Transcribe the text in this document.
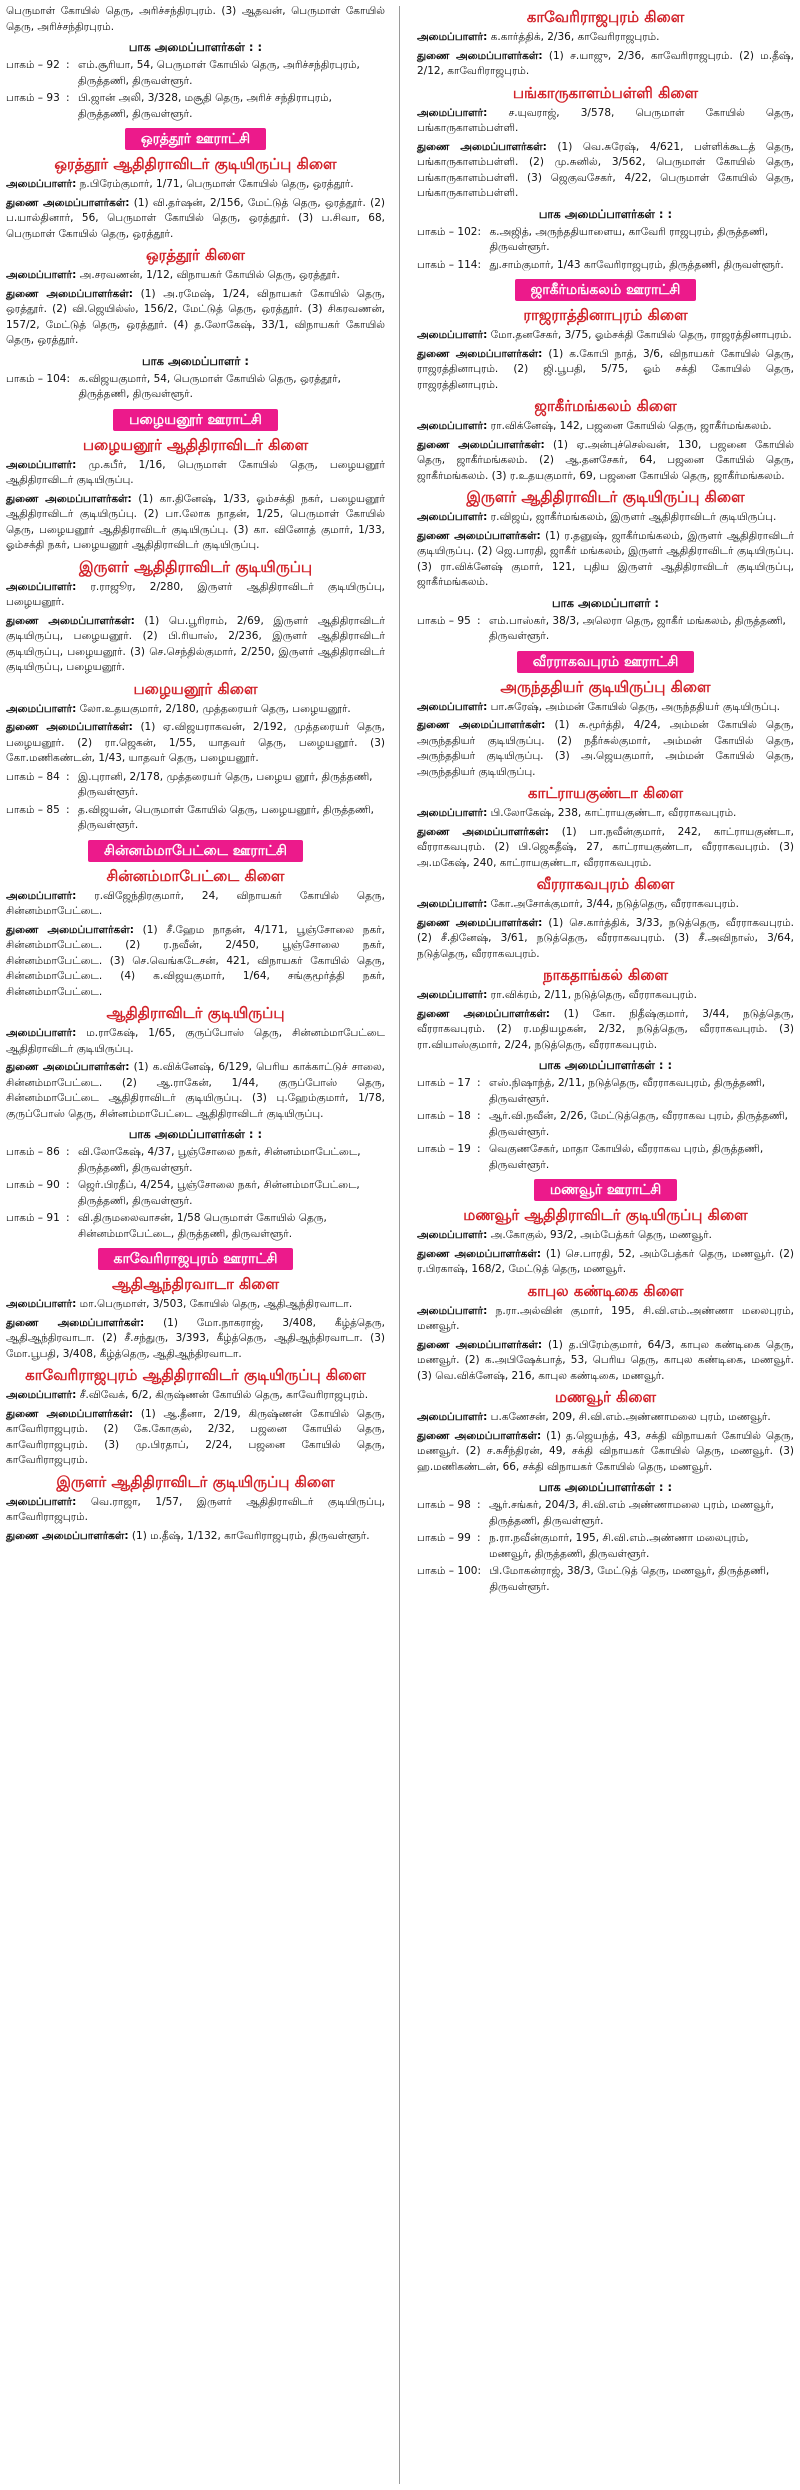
பெருமாள் கோயில் தெரு, அரிச்சந்திரபுரம். (3) ஆதவன், பெருமாள் கோயில் தெரு, அரிச்சந்திரபுரம்.

பாக அமைப்பாளர்கள் : :
பாகம் – 92 : எம்.சூரியா, 54, பெருமாள் கோயில் தெரு, அரிச்சந்திரபுரம், திருத்தணி, திருவள்ளூர்.
பாகம் – 93 : பி.ஜான் அலி, 3/328, மசூதி தெரு, அரிச் சந்திராபுரம், திருத்தணி, திருவள்ளூர்.
ஒரத்தூர் ஊராட்சி
ஒரத்தூர் ஆதிதிராவிடர் குடியிருப்பு கிளை

அமைப்பாளர்: ந.பிரேம்குமார், 1/71, பெருமாள் கோயில் தெரு, ஒரத்தூர்.

துணை அமைப்பாளர்கள்: (1) வி.தர்ஷன், 2/156, மேட்டுத் தெரு, ஒரத்தூர். (2) ப.யால்தினார், 56, பெருமாள் கோயில் தெரு, ஒரத்தூர். (3) ப.சிவா, 68, பெருமாள் கோயில் தெரு, ஒரத்தூர்.

ஒரத்தூர் கிளை

அமைப்பாளர்: அ.சரவணன், 1/12, விநாயகர் கோயில் தெரு, ஒரத்தூர்.

துணை அமைப்பாளர்கள்: (1) அ.ரமேஷ், 1/24, விநாயகர் கோயில் தெரு, ஒரத்தூர். (2) வி.ஜெயில்ஸ், 156/2, மேட்டுத் தெரு, ஒரத்தூர். (3) சிகரவணன், 157/2, மேட்டுத் தெரு, ஒரத்தூர். (4) த.லோகேஷ், 33/1, விநாயகர் கோயில் தெரு, ஒரத்தூர்.

பாக அமைப்பாளர் :
பாகம் – 104 : க.விஜயகுமார், 54, பெருமாள் கோயில் தெரு, ஒரத்தூர், திருத்தணி, திருவள்ளூர்.
பழையனூர் ஊராட்சி
பழையனூர் ஆதிதிராவிடர் கிளை

அமைப்பாளர்: மு.கபீர், 1/16, பெருமாள் கோயில் தெரு, பழையனூர் ஆதிதிராவிடர் குடியிருப்பு.

துணை அமைப்பாளர்கள்: (1) கா.தினேஷ், 1/33, ஓம்சக்தி நகர், பழையனூர் ஆதிதிராவிடர் குடியிருப்பு. (2) பா.லோக நாதன், 1/25, பெருமாள் கோயில் தெரு, பழையனூர் ஆதிதிராவிடர் குடியிருப்பு. (3) கா. வினோத் குமார், 1/33, ஓம்சக்தி நகர், பழையனூர் ஆதிதிராவிடர் குடியிருப்பு.

இருளர் ஆதிதிராவிடர் குடியிருப்பு

அமைப்பாளர்: ர.ராஜூர, 2/280, இருளர் ஆதிதிராவிடர் குடியிருப்பு, பழையனூர்.

துணை அமைப்பாளர்கள்: (1) பெ.பூரிராம், 2/69, இருளர் ஆதிதிராவிடர் குடியிருப்பு, பழையனூர். (2) பி.ரியாஸ், 2/236, இருளர் ஆதிதிராவிடர் குடியிருப்பு, பழையனூர். (3) செ.செந்தில்குமார், 2/250, இருளர் ஆதிதிராவிடர் குடியிருப்பு, பழையனூர்.

பழையனூர் கிளை

அமைப்பாளர்: லோ.உதயகுமார், 2/180, முத்தரையர் தெரு, பழையனூர்.

துணை அமைப்பாளர்கள்: (1) ஏ.விஜயராகவன், 2/192, முத்தரையர் தெரு, பழையனூர். (2) ரா.ஜெகன், 1/55, யாதவர் தெரு, பழையனூர். (3) கோ.மணிகண்டன், 1/43, யாதவர் தெரு, பழையனூர்.

பாகம் – 84 : இ.புரானி, 2/178, முத்தரையர் தெரு, பழைய னூர், திருத்தணி, திருவள்ளூர்.
பாகம் – 85 : த.விஜயன், பெருமாள் கோயில் தெரு, பழையனூர், திருத்தணி, திருவள்ளூர்.
சின்னம்மாபேட்டை ஊராட்சி
சின்னம்மாபேட்டை கிளை

அமைப்பாளர்: ர.விஜேந்திரகுமார், 24, விநாயகர் கோயில் தெரு, சின்னம்மாபேட்டை.

துணை அமைப்பாளர்கள்: (1) சீ.ஹேம நாதன், 4/171, பூஞ்சோலை நகர், சின்னம்மாபேட்டை. (2) ர.நவீன், 2/450, பூஞ்சோலை நகர், சின்னம்மாபேட்டை. (3) செ.வெங்கடேசன், 421, விநாயகர் கோயில் தெரு, சின்னம்மாபேட்டை. (4) க.விஜயகுமார், 1/64, சங்குமூர்த்தி நகர், சின்னம்மாபேட்டை.

ஆதிதிராவிடர் குடியிருப்பு

அமைப்பாளர்: ம.ராகேஷ், 1/65, குருப்போஸ் தெரு, சின்னம்மாபேட்டை ஆதிதிராவிடர் குடியிருப்பு.

துணை அமைப்பாளர்கள்: (1) க.விக்னேஷ், 6/129, பெரிய காக்காட்டுச் சாலை, சின்னம்மாபேட்டை. (2) ஆ.ராகேன், 1/44, குருப்போஸ் தெரு, சின்னம்மாபேட்டை ஆதிதிராவிடர் குடியிருப்பு. (3) பு.ஹேம்குமார், 1/78, குருப்போஸ் தெரு, சின்னம்மாபேட்டை ஆதிதிராவிடர் குடியிருப்பு.

பாக அமைப்பாளர்கள் : :
பாகம் – 86 : வி.லோகேஷ், 4/37, பூஞ்சோலை நகர், சின்னம்மாபேட்டை, திருத்தணி, திருவள்ளூர்.
பாகம் – 90 : ஜெர்.பிரதீப், 4/254, பூஞ்சோலை நகர், சின்னம்மாபேட்டை, திருத்தணி, திருவள்ளூர்.
பாகம் – 91 : வி.திருமலைவாசன், 1/58 பெருமாள் கோயில் தெரு, சின்னம்மாபேட்டை, திருத்தணி, திருவள்ளூர்.
காவேரிராஜபுரம் ஊராட்சி
ஆதிஆந்திரவாடா கிளை

அமைப்பாளர்: மா.பெருமாள், 3/503, கோயில் தெரு, ஆதிஆந்திரவாடா.

துணை அமைப்பாளர்கள்: (1) மோ.நாகராஜ், 3/408, கீழ்த்தெரு, ஆதிஆந்திரவாடா. (2) சீ.சந்துரு, 3/393, கீழ்த்தெரு, ஆதிஆந்திரவாடா. (3) மோ.பூபதி, 3/408, கீழ்த்தெரு, ஆதிஆந்திரவாடா.

காவேரிராஜபுரம் ஆதிதிராவிடர் குடியிருப்பு கிளை

அமைப்பாளர்: சீ.விவேக், 6/2, கிருஷ்ணன் கோயில் தெரு, காவேரிராஜபுரம்.

துணை அமைப்பாளர்கள்: (1) ஆ.தீனா, 2/19, கிருஷ்ணன் கோயில் தெரு, காவேரிராஜபுரம். (2) கே.கோகுல், 2/32, பஜனை கோயில் தெரு, காவேரிராஜபுரம். (3) மு.பிரதாப், 2/24, பஜனை கோயில் தெரு, காவேரிராஜபுரம்.

இருளர் ஆதிதிராவிடர் குடியிருப்பு கிளை

அமைப்பாளர்: வெ.ராஜா, 1/57, இருளர் ஆதிதிராவிடர் குடியிருப்பு, காவேரிராஜபுரம்.

துணை அமைப்பாளர்கள்: (1) ம.தீஷ், 1/132, காவேரிராஜபுரம், திருவள்ளூர்.

காவேரிராஜபுரம் கிளை

அமைப்பாளர்: க.கார்த்திக், 2/36, காவேரிராஜபுரம்.

துணை அமைப்பாளர்கள்: (1) ச.யாஜு, 2/36, காவேரிராஜபுரம். (2) ம.தீஷ், 2/12, காவேரிராஜபுரம்.

பங்காருகாளம்பள்ளி கிளை

அமைப்பாளர்: ச.யுவராஜ், 3/578, பெருமாள் கோயில் தெரு, பங்காருகாளம்பள்ளி.

துணை அமைப்பாளர்கள்: (1) வெ.சுரேஷ், 4/621, பள்ளிக்கூடத் தெரு, பங்காருகாளம்பள்ளி. (2) மு.சுனில், 3/562, பெருமாள் கோயில் தெரு, பங்காருகாளம்பள்ளி. (3) ஜெகுவசேகர், 4/22, பெருமாள் கோயில் தெரு, பங்காருகாளம்பள்ளி.

பாக அமைப்பாளர்கள் : :
பாகம் – 102 : க.அஜித், அருந்ததியாளைய, காவேரி ராஜபுரம், திருத்தணி, திருவள்ளூர்.
பாகம் – 114 : து.சாம்குமார், 1/43 காவேரிராஜபுரம், திருத்தணி, திருவள்ளூர்.
ஜாகீர்மங்கலம் ஊராட்சி
ராஜராத்தினாபுரம் கிளை

அமைப்பாளர்: மோ.தனசேகர், 3/75, ஓம்சக்தி கோயில் தெரு, ராஜரத்தினாபுரம்.

துணை அமைப்பாளர்கள்: (1) க.கோபி நாத், 3/6, விநாயகர் கோயில் தெரு, ராஜரத்தினாபுரம். (2) ஜி.பூபதி, 5/75, ஓம் சக்தி கோயில் தெரு, ராஜரத்தினாபுரம்.

ஜாகீர்மங்கலம் கிளை

அமைப்பாளர்: ரா.விக்னேஷ், 142, பஜனை கோயில் தெரு, ஜாகீர்மங்கலம்.

துணை அமைப்பாளர்கள்: (1) ஏ.அன்புச்செல்வன், 130, பஜனை கோயில் தெரு, ஜாகீர்மங்கலம். (2) ஆ.தனசேகர், 64, பஜனை கோயில் தெரு, ஜாகீர்மங்கலம். (3) ர.உதயகுமார், 69, பஜனை கோயில் தெரு, ஜாகீர்மங்கலம்.

இருளர் ஆதிதிராவிடர் குடியிருப்பு கிளை

அமைப்பாளர்: ர.விஜய், ஜாகீர்மங்கலம், இருளர் ஆதிதிராவிடர் குடியிருப்பு.

துணை அமைப்பாளர்கள்: (1) ர.தனுஷ், ஜாகீர்மங்கலம், இருளர் ஆதிதிராவிடர் குடியிருப்பு. (2) ஜெ.பாரதி, ஜாகீர் மங்கலம், இருளர் ஆதிதிராவிடர் குடியிருப்பு. (3) ரா.விக்னேஷ் குமார், 121, புதிய இருளர் ஆதிதிராவிடர் குடியிருப்பு, ஜாகீர்மங்கலம்.

பாக அமைப்பாளர் :
பாகம் – 95 : எம்.பாஸ்கர், 38/3, அலெரா தெரு, ஜாகீர் மங்கலம், திருத்தணி, திருவள்ளூர்.
வீரராகவபுரம் ஊராட்சி
அருந்ததியர் குடியிருப்பு கிளை

அமைப்பாளர்: பா.சுரேஷ், அம்மன் கோயில் தெரு, அருந்ததியர் குடியிருப்பு.

துணை அமைப்பாளர்கள்: (1) சு.மூர்த்தி, 4/24, அம்மன் கோயில் தெரு, அருந்ததியர் குடியிருப்பு. (2) நதீர்சுல்குமார், அம்மன் கோயில் தெரு, அருந்ததியர் குடியிருப்பு. (3) அ.ஜெயகுமார், அம்மன் கோயில் தெரு, அருந்ததியர் குடியிருப்பு.

காட்ராயகுண்டா கிளை

அமைப்பாளர்: பி.லோகேஷ், 238, காட்ராயகுண்டா, வீரராகவபுரம்.

துணை அமைப்பாளர்கள்: (1) பா.நவீன்குமார், 242, காட்ராயகுண்டா, வீரராகவபுரம். (2) பி.ஜெகதீஷ், 27, காட்ராயகுண்டா, வீரராகவபுரம். (3) அ.மகேஷ், 240, காட்ராயகுண்டா, வீரராகவபுரம்.

வீரராகவபுரம் கிளை

அமைப்பாளர்: கோ.அசோக்குமார், 3/44, நடுத்தெரு, வீரராகவபுரம்.

துணை அமைப்பாளர்கள்: (1) செ.கார்த்திக், 3/33, நடுத்தெரு, வீரராகவபுரம். (2) சீ.தினேஷ், 3/61, நடுத்தெரு, வீரராகவபுரம். (3) சீ.அவிநாஸ், 3/64, நடுத்தெரு, வீரராகவபுரம்.

நாகதாங்கல் கிளை

அமைப்பாளர்: ரா.விக்ரம், 2/11, நடுத்தெரு, வீரராகவபுரம்.

துணை அமைப்பாளர்கள்: (1) கோ. நிதீஷ்குமார், 3/44, நடுத்தெரு, வீரராகவபுரம். (2) ர.மதியழகன், 2/32, நடுத்தெரு, வீரராகவபுரம். (3) ரா.வியாஸ்குமார், 2/24, நடுத்தெரு, வீரராகவபுரம்.

பாக அமைப்பாளர்கள் : :
பாகம் – 17 : எஸ்.நிஷாந்த், 2/11, நடுத்தெரு, வீரராகவபுரம், திருத்தணி, திருவள்ளூர்.
பாகம் – 18 : ஆர்.வி.நவீன், 2/26, மேட்டுத்தெரு, வீரராகவ புரம், திருத்தணி, திருவள்ளூர்.
பாகம் – 19 : வெகுணசேகர், மாதா கோயில், வீரராகவ புரம், திருத்தணி, திருவள்ளூர்.
மணவூர் ஊராட்சி
மணவூர் ஆதிதிராவிடர் குடியிருப்பு கிளை

அமைப்பாளர்: அ.கோகுல், 93/2, அம்பேத்கர் தெரு, மணவூர்.

துணை அமைப்பாளர்கள்: (1) செ.பாரதி, 52, அம்பேத்கர் தெரு, மணவூர். (2) ர.பிரகாஷ், 168/2, மேட்டுத் தெரு, மணவூர்.

காபுல கண்டிகை கிளை

அமைப்பாளர்: ந.ரா.அல்வின் குமார், 195, சி.வி.எம்.அண்ணா மலைபுரம், மணவூர்.

துணை அமைப்பாளர்கள்: (1) த.பிரேம்குமார், 64/3, காபுல கண்டிகை தெரு, மணவூர். (2) க.அபிஷேக்பாத், 53, பெரிய தெரு, காபுல கண்டிகை, மணவூர். (3) வெ.விக்னேஷ், 216, காபுல கண்டிகை, மணவூர்.

மணவூர் கிளை

அமைப்பாளர்: ப.கணேசன், 209, சி.வி.எம்.அண்ணாமலை புரம், மணவூர்.

துணை அமைப்பாளர்கள்: (1) த.ஜெயந்த், 43, சக்தி விநாயகர் கோயில் தெரு, மணவூர். (2) ச.சுசீந்திரன், 49, சக்தி விநாயகர் கோயில் தெரு, மணவூர். (3) ஹ.மணிகண்டன், 66, சக்தி விநாயகர் கோயில் தெரு, மணவூர்.

பாக அமைப்பாளர்கள் : :
பாகம் – 98 : ஆர்.சங்கர், 204/3, சி.வி.எம் அண்ணாமலை புரம், மணவூர், திருத்தணி, திருவள்ளூர்.
பாகம் – 99 : ந.ரா.நவீன்குமார், 195, சி.வி.எம்.அண்ணா மலைபுரம், மணவூர், திருத்தணி, திருவள்ளூர்.
பாகம் – 100 : பி.மோகன்ராஜ், 38/3, மேட்டுத் தெரு, மணவூர், திருத்தணி, திருவள்ளூர்.
